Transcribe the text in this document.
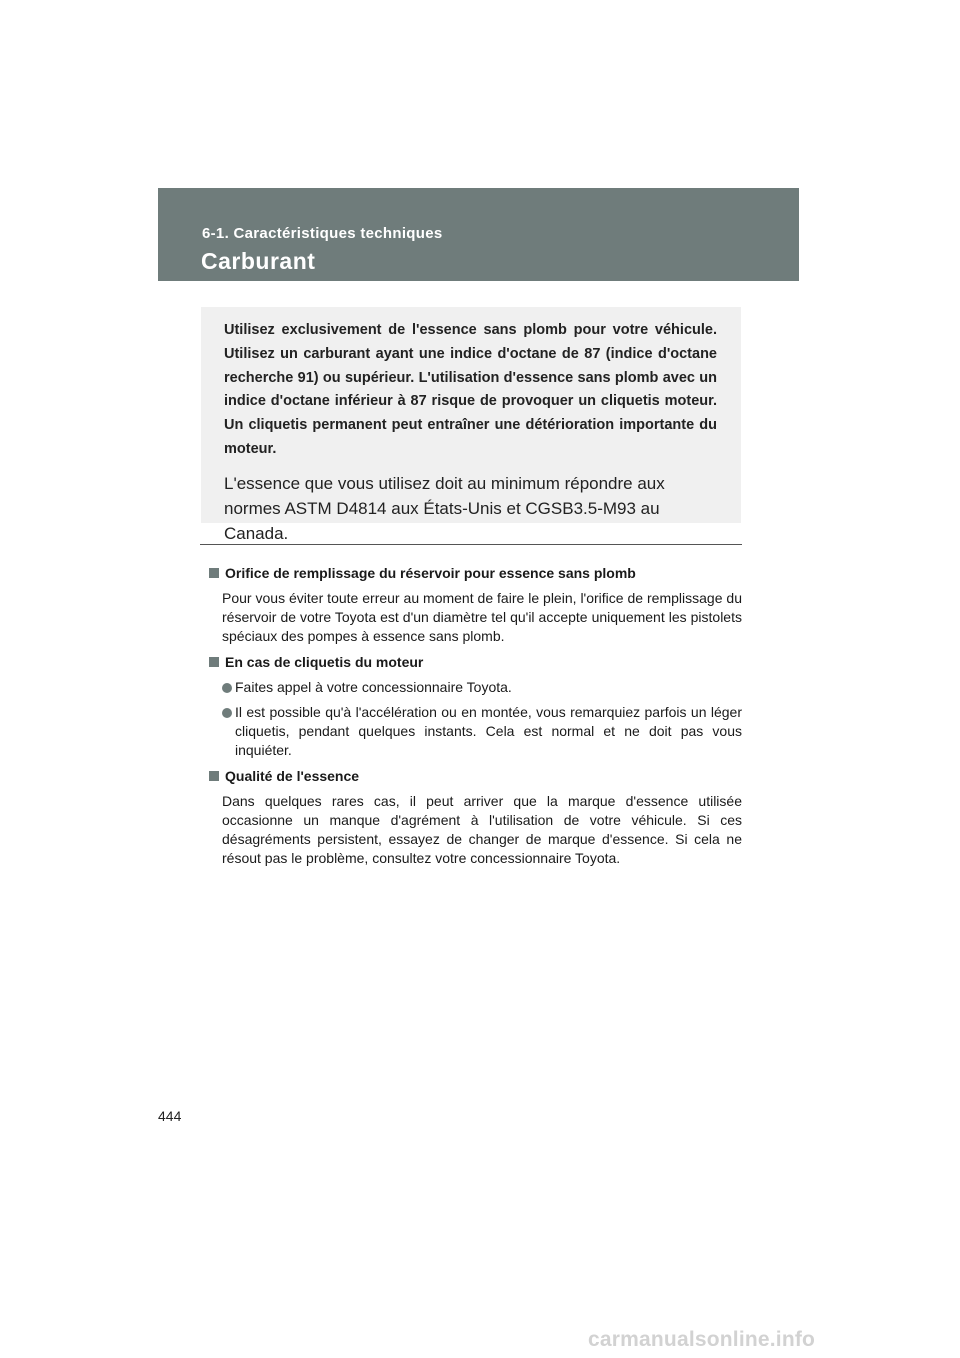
6-1. Caractéristiques techniques
Carburant

Utilisez exclusivement de l'essence sans plomb pour votre véhicule. Utilisez un carburant ayant une indice d'octane de 87 (indice d'octane recherche 91) ou supérieur. L'utilisation d'essence sans plomb avec un indice d'octane inférieur à 87 risque de provoquer un cliquetis moteur. Un cliquetis permanent peut entraîner une détérioration importante du moteur.

L'essence que vous utilisez doit au minimum répondre aux normes ASTM D4814 aux États-Unis et CGSB3.5-M93 au Canada.

Orifice de remplissage du réservoir pour essence sans plomb

Pour vous éviter toute erreur au moment de faire le plein, l'orifice de remplissage du réservoir de votre Toyota est d'un diamètre tel qu'il accepte uniquement les pistolets spéciaux des pompes à essence sans plomb.

En cas de cliquetis du moteur
Faites appel à votre concessionnaire Toyota.
Il est possible qu'à l'accélération ou en montée, vous remarquiez parfois un léger cliquetis, pendant quelques instants. Cela est normal et ne doit pas vous inquiéter.
Qualité de l'essence

Dans quelques rares cas, il peut arriver que la marque d'essence utilisée occasionne un manque d'agrément à l'utilisation de votre véhicule. Si ces désagréments persistent, essayez de changer de marque d'essence. Si cela ne résout pas le problème, consultez votre concessionnaire Toyota.

444
carmanualsonline.info
